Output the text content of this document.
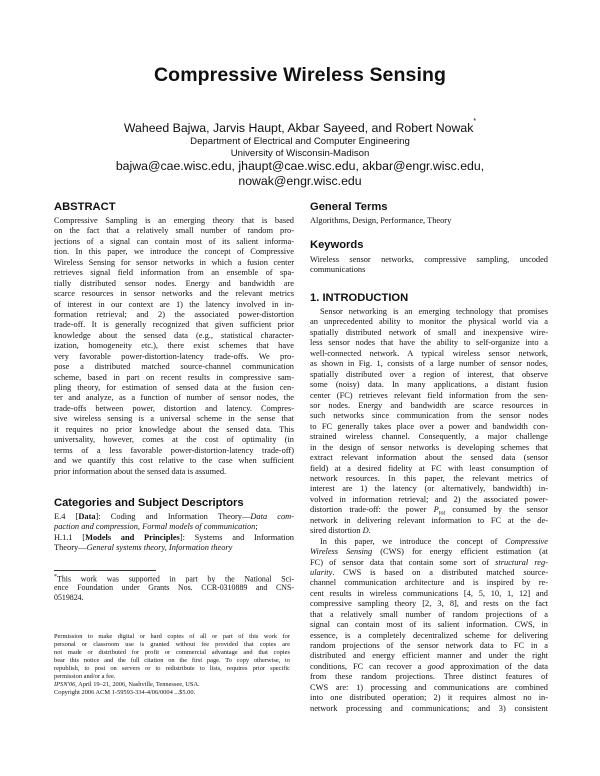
Compressive Wireless Sensing
Waheed Bajwa, Jarvis Haupt, Akbar Sayeed, and Robert Nowak*
Department of Electrical and Computer Engineering
University of Wisconsin-Madison
bajwa@cae.wisc.edu, jhaupt@cae.wisc.edu, akbar@engr.wisc.edu,
nowak@engr.wisc.edu
ABSTRACT
Compressive Sampling is an emerging theory that is based
on the fact that a relatively small number of random pro-
jections of a signal can contain most of its salient informa-
tion. In this paper, we introduce the concept of Compressive
Wireless Sensing for sensor networks in which a fusion center
retrieves signal field information from an ensemble of spa-
tially distributed sensor nodes. Energy and bandwidth are
scarce resources in sensor networks and the relevant metrics
of interest in our context are 1) the latency involved in in-
formation retrieval; and 2) the associated power-distortion
trade-off. It is generally recognized that given sufficient prior
knowledge about the sensed data (e.g., statistical character-
ization, homogeneity etc.), there exist schemes that have
very favorable power-distortion-latency trade-offs. We pro-
pose a distributed matched source-channel communication
scheme, based in part on recent results in compressive sam-
pling theory, for estimation of sensed data at the fusion cen-
ter and analyze, as a function of number of sensor nodes, the
trade-offs between power, distortion and latency. Compres-
sive wireless sensing is a universal scheme in the sense that
it requires no prior knowledge about the sensed data. This
universality, however, comes at the cost of optimality (in
terms of a less favorable power-distortion-latency trade-off)
and we quantify this cost relative to the case when sufficient
prior information about the sensed data is assumed.
Categories and Subject Descriptors
E.4 [Data]: Coding and Information Theory—Data com-
paction and compression, Formal models of communication;
H.1.1 [Models and Principles]: Systems and Information
Theory—General systems theory, Information theory
*This work was supported in part by the National Sci-
ence Foundation under Grants Nos. CCR-0310889 and CNS-
0519824.
Permission to make digital or hard copies of all or part of this work for
personal or classroom use is granted without fee provided that copies are
not made or distributed for profit or commercial advantage and that copies
bear this notice and the full citation on the first page. To copy otherwise, to
republish, to post on servers or to redistribute to lists, requires prior specific
permission and/or a fee.
IPSN'06, April 19–21, 2006, Nashville, Tennessee, USA.
Copyright 2006 ACM 1-59593-334-4/06/0004 ...$5.00.
General Terms
Algorithms, Design, Performance, Theory
Keywords
Wireless sensor networks, compressive sampling, uncoded
communications
1. INTRODUCTION
Sensor networking is an emerging technology that promises
an unprecedented ability to monitor the physical world via a
spatially distributed network of small and inexpensive wire-
less sensor nodes that have the ability to self-organize into a
well-connected network. A typical wireless sensor network,
as shown in Fig. 1, consists of a large number of sensor nodes,
spatially distributed over a region of interest, that observe
some (noisy) data. In many applications, a distant fusion
center (FC) retrieves relevant field information from the sen-
sor nodes. Energy and bandwidth are scarce resources in
such networks since communication from the sensor nodes
to FC generally takes place over a power and bandwidth con-
strained wireless channel. Consequently, a major challenge
in the design of sensor networks is developing schemes that
extract relevant information about the sensed data (sensor
field) at a desired fidelity at FC with least consumption of
network resources. In this paper, the relevant metrics of
interest are 1) the latency (or alternatively, bandwidth) in-
volved in information retrieval; and 2) the associated power-
distortion trade-off: the power $P_{tot}$ consumed by the sensor
network in delivering relevant information to FC at the de-
sired distortion D.
In this paper, we introduce the concept of Compressive
Wireless Sensing (CWS) for energy efficient estimation (at
FC) of sensor data that contain some sort of structural reg-
ularity. CWS is based on a distributed matched source-
channel communication architecture and is inspired by re-
cent results in wireless communications [4, 5, 10, 1, 12] and
compressive sampling theory [2, 3, 8], and rests on the fact
that a relatively small number of random projections of a
signal can contain most of its salient information. CWS, in
essence, is a completely decentralized scheme for delivering
random projections of the sensor network data to FC in a
distributed and energy efficient manner and under the right
conditions, FC can recover a good approximation of the data
from these random projections. Three distinct features of
CWS are: 1) processing and communications are combined
into one distributed operation; 2) it requires almost no in-
network processing and communications; and 3) consistent
